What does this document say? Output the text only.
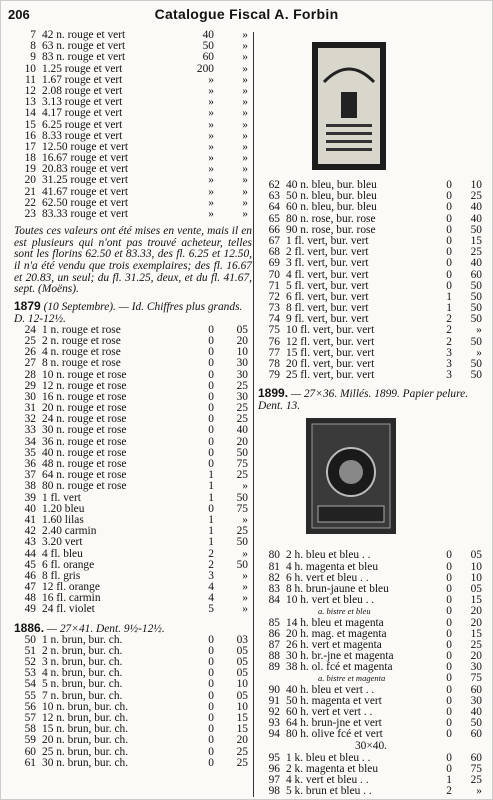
206	Catalogue Fiscal A. Forbin
7 42 n. rouge et vert	40	»
8 63 n. rouge et vert	50	»
9 83 n. rouge et vert	60	»
10 1.25 rouge et vert	200	»
11 1.67 rouge et vert	»	»
12 2.08 rouge et vert	»	»
13 3.13 rouge et vert	»	»
14 4.17 rouge et vert	»	»
15 6.25 rouge et vert	»	»
16 8.33 rouge et vert	»	»
17 12.50 rouge et vert	»	»
18 16.67 rouge et vert	»	»
19 20.83 rouge et vert	»	»
20 31.25 rouge et vert	»	»
21 41.67 rouge et vert	»	»
22 62.50 rouge et vert	»	»
23 83.33 rouge et vert	»	»
Toutes ces valeurs ont été mises en vente, mais il en est plusieurs qui n'ont pas trouvé acheteur, telles sont les florins 62.50 et 83.33, des fl. 6.25 et 12.50, il n'a été vendu que trois exemplaires; des fl. 16.67 et 20.83, un seul; du fl. 31.25, deux, et du fl. 41.67, sept. (Moëns).
1879 (10 Septembre). — Id. Chiffres plus grands. D. 12-12½.
24 1 n. rouge et rose	0	05
25 2 n. rouge et rose	0	20
26 4 n. rouge et rose	0	10
27 8 n. rouge et rose	0	30
28 10 n. rouge et rose	0	30
29 12 n. rouge et rose	0	25
30 16 n. rouge et rose	0	30
31 20 n. rouge et rose	0	25
32 24 n. rouge et rose	0	25
33 30 n. rouge et rose	0	40
34 36 n. rouge et rose	0	20
35 40 n. rouge et rose	0	50
36 48 n. rouge et rose	0	75
37 64 n. rouge et rose	1	25
38 80 n. rouge et rose	1	»
39 1 fl. vert	1	50
40 1.20 bleu	0	75
41 1.60 lilas	1	»
42 2.40 carmin	1	25
43 3.20 vert	1	50
44 4 fl. bleu	2	»
45 6 fl. orange	2	50
46 8 fl. gris	3	»
47 12 fl. orange	4	»
48 16 fl. carmin	4	»
49 24 fl. violet	5	»
1886. — 27×41. Dent. 9½-12½.
50 1 n. brun, bur. ch.	0	03
51 2 n. brun, bur. ch.	0	05
52 3 n. brun, bur. ch.	0	05
53 4 n. brun, bur. ch.	0	05
54 5 n. brun, bur. ch.	0	10
55 7 n. brun, bur. ch.	0	05
56 10 n. brun, bur. ch.	0	10
57 12 n. brun, bur. ch.	0	15
58 15 n. brun, bur. ch.	0	15
59 20 n. brun, bur. ch.	0	20
60 25 n. brun, bur. ch.	0	25
61 30 n. brun, bur. ch.	0	25
62 40 n. bleu, bur. bleu	0	10
63 50 n. bleu, bur. bleu	0	25
64 60 n. bleu, bur. bleu	0	40
65 80 n. rose, bur. rose	0	40
66 90 n. rose, bur. rose	0	50
67 1 fl. vert, bur. vert	0	15
68 2 fl. vert, bur. vert	0	25
69 3 fl. vert, bur. vert	0	40
70 4 fl. vert, bur. vert	0	60
71 5 fl. vert, bur. vert	0	50
72 6 fl. vert, bur. vert	1	50
73 8 fl. vert, bur. vert	1	50
74 9 fl. vert, bur. vert	2	50
75 10 fl. vert, bur. vert	2	»
76 12 fl. vert, bur. vert	2	50
77 15 fl. vert, bur. vert	3	»
78 20 fl. vert, bur. vert	3	50
79 25 fl. vert, bur. vert	3	50
1899. — 27×36. Millés. 1899. Papier pelure. Dent. 13.
80 2 h. bleu et bleu . .	0	05
81 4 h. magenta et bleu	0	10
82 6 h. vert et bleu . .	0	10
83 8 h. brun-jaune et bleu	0	05
84 10 h. vert et bleu . .	0	15
a. bistre et bleu	0	20
85 14 h. bleu et magenta	0	20
86 20 h. mag. et magenta	0	15
87 26 h. vert et magenta	0	25
88 30 h. br.-jne et magenta	0	20
89 38 h. ol. fcé et magenta	0	30
a. bistre et magenta	0	75
90 40 h. bleu et vert . .	0	60
91 50 h. magenta et vert	0	30
92 60 h. vert et vert . .	0	40
93 64 h. brun-jne et vert	0	50
94 80 h. olive fcé et vert	0	60
30×40.
95 1 k. bleu et bleu . .	0	60
96 2 k. magenta et bleu	0	75
97 4 k. vert et bleu . .	1	25
98 5 k. brun et bleu . .	2	»
